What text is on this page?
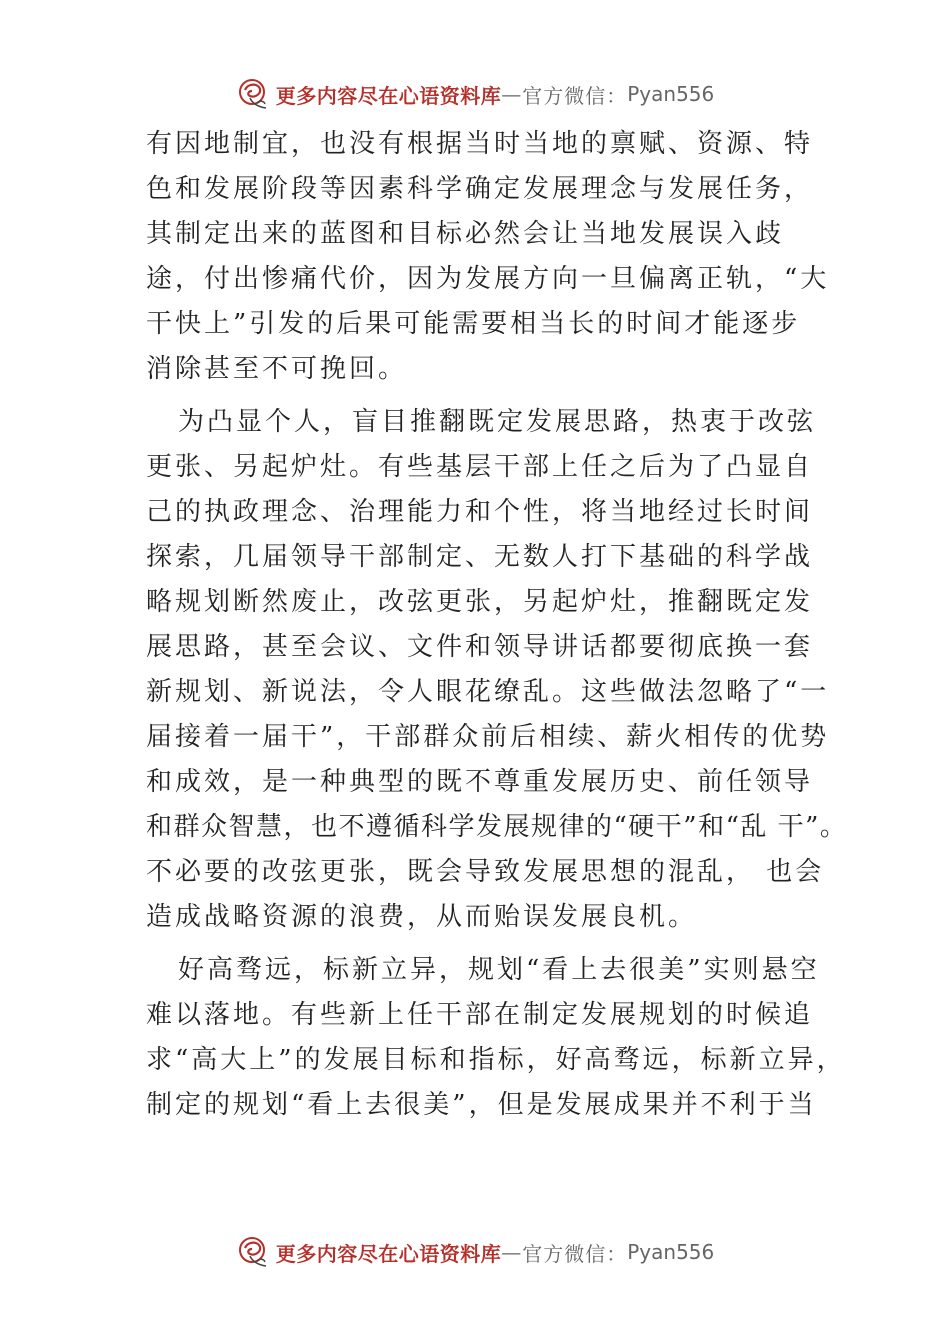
更多内容尽在心语资料库 — 官方微信： Pyan556

有因地制宜，也没有根据当时当地的禀赋、资源、特
色和发展阶段等因素科学确定发展理念与发展任务，
其制定出来的蓝图和目标必然会让当地发展误入歧
途，付出惨痛代价，因为发展方向一旦偏离正轨，“大
干快上”引发的后果可能需要相当长的时间才能逐步
消除甚至不可挽回。

为凸显个人，盲目推翻既定发展思路，热衷于改弦
更张、另起炉灶。有些基层干部上任之后为了凸显自
己的执政理念、治理能力和个性，将当地经过长时间
探索，几届领导干部制定、无数人打下基础的科学战
略规划断然废止，改弦更张，另起炉灶，推翻既定发
展思路，甚至会议、文件和领导讲话都要彻底换一套
新规划、新说法，令人眼花缭乱。这些做法忽略了“一
届接着一届干”，干部群众前后相续、薪火相传的优势
和成效，是一种典型的既不尊重发展历史、前任领导
和群众智慧，也不遵循科学发展规律的“硬干”和“乱 干”。
不必要的改弦更张，既会导致发展思想的混乱， 也会
造成战略资源的浪费，从而贻误发展良机。

好高骛远，标新立异，规划“看上去很美”实则悬空
难以落地。有些新上任干部在制定发展规划的时候追
求“高大上”的发展目标和指标，好高骛远，标新立异，
制定的规划“看上去很美”，但是发展成果并不利于当

更多内容尽在心语资料库 — 官方微信： Pyan556
